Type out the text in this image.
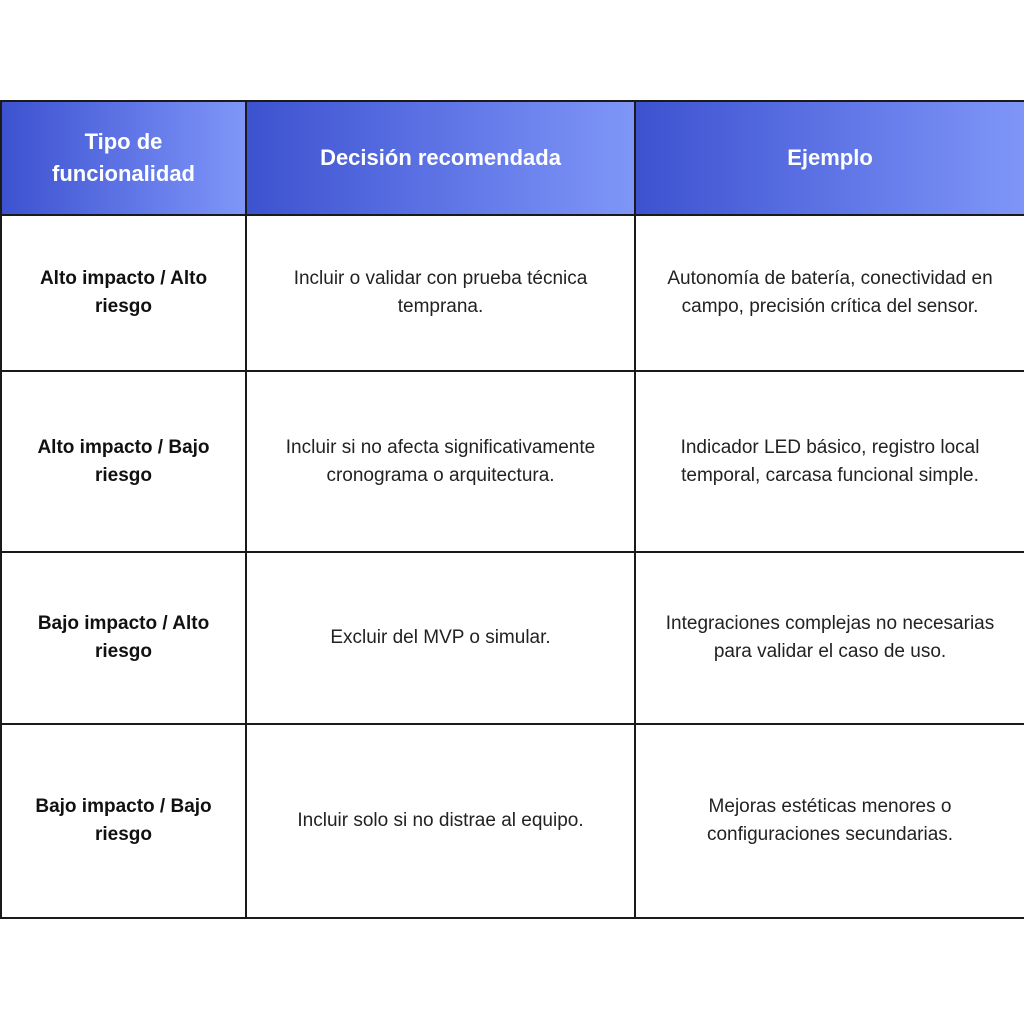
Tipo de funcionalidad	Decisión recomendada	Ejemplo
Alto impacto / Alto riesgo	Incluir o validar con prueba técnica temprana.	Autonomía de batería, conectividad en campo, precisión crítica del sensor.
Alto impacto / Bajo riesgo	Incluir si no afecta significativamente cronograma o arquitectura.	Indicador LED básico, registro local temporal, carcasa funcional simple.
Bajo impacto / Alto riesgo	Excluir del MVP o simular.	Integraciones complejas no necesarias para validar el caso de uso.
Bajo impacto / Bajo riesgo	Incluir solo si no distrae al equipo.	Mejoras estéticas menores o configuraciones secundarias.
